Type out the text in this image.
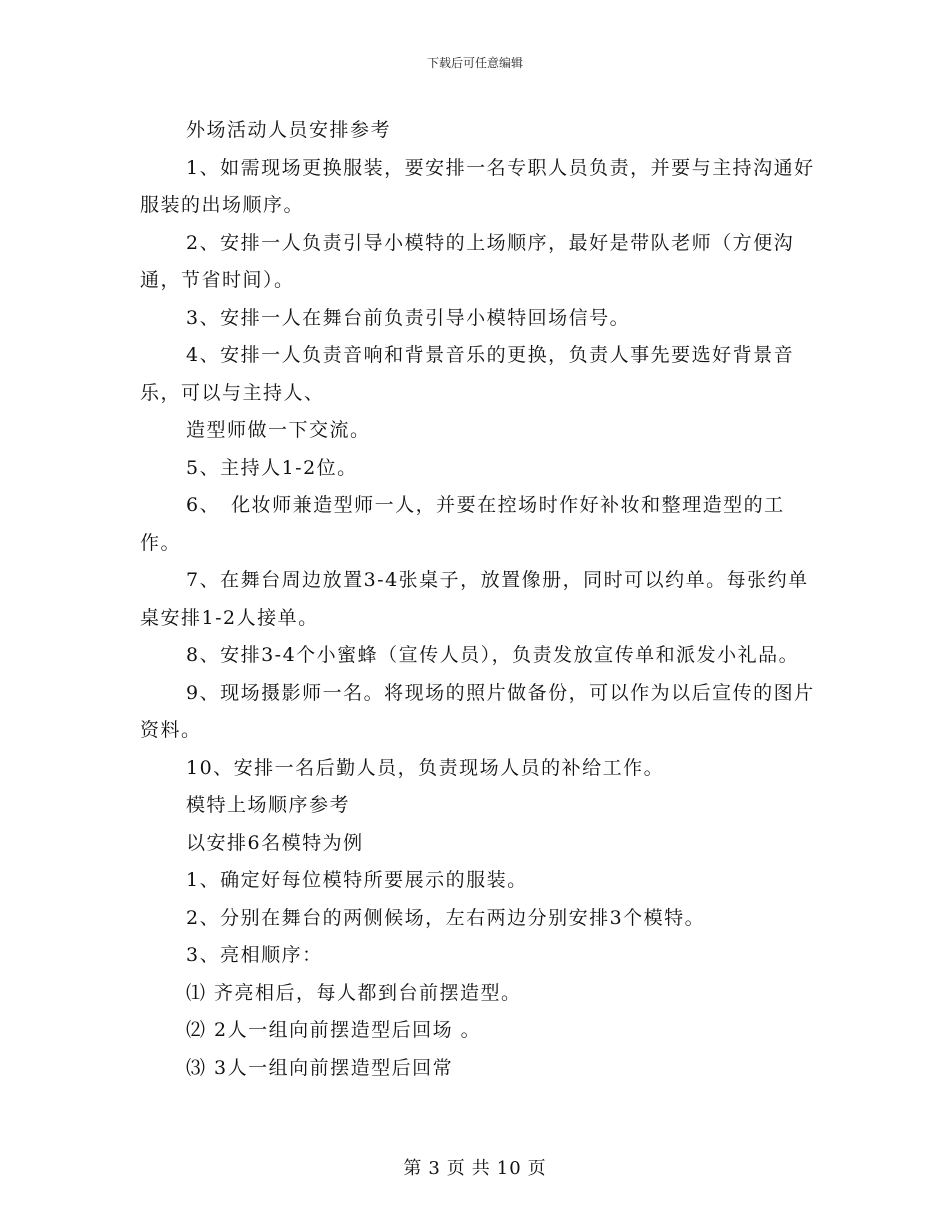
下载后可任意编辑

外场活动人员安排参考

1、如需现场更换服装，要安排一名专职人员负责，并要与主持沟通好服装的出场顺序。

2、安排一人负责引导小模特的上场顺序，最好是带队老师（方便沟通，节省时间）。

3、安排一人在舞台前负责引导小模特回场信号。

4、安排一人负责音响和背景音乐的更换，负责人事先要选好背景音乐，可以与主持人、

造型师做一下交流。

5、主持人1-2位。

6、　化妆师兼造型师一人，并要在控场时作好补妆和整理造型的工作。

7、在舞台周边放置3-4张桌子，放置像册，同时可以约单。每张约单桌安排1-2人接单。

8、安排3-4个小蜜蜂（宣传人员），负责发放宣传单和派发小礼品。

9、现场摄影师一名。将现场的照片做备份，可以作为以后宣传的图片资料。

10、安排一名后勤人员，负责现场人员的补给工作。

模特上场顺序参考

以安排6名模特为例

1、确定好每位模特所要展示的服装。

2、分别在舞台的两侧候场，左右两边分别安排3个模特。

3、亮相顺序：

⑴ 齐亮相后，每人都到台前摆造型。

⑵ 2人一组向前摆造型后回场 。

⑶ 3人一组向前摆造型后回常

第 3 页 共 10 页
